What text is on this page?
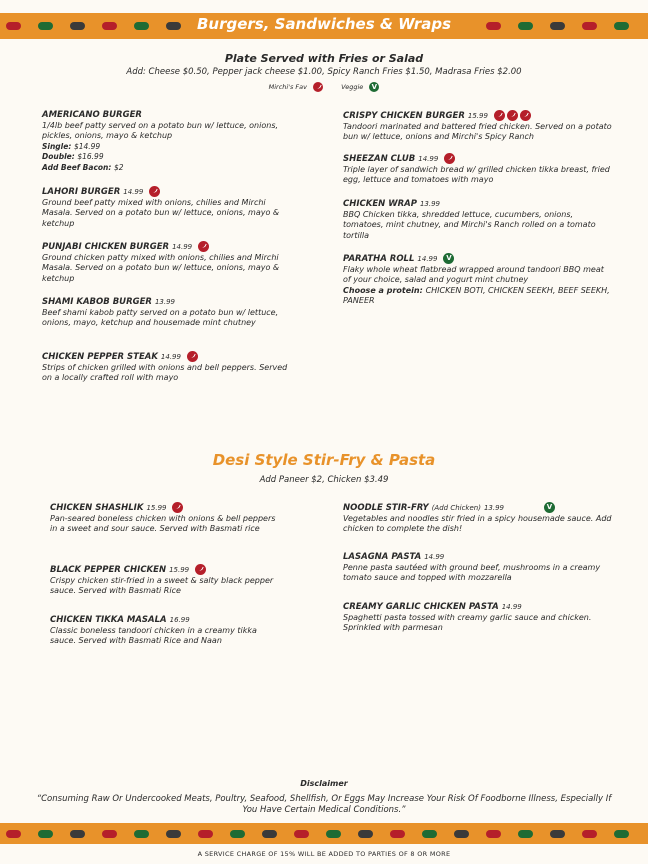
Burgers, Sandwiches & Wraps
Plate Served with Fries or Salad
Add: Cheese $0.50, Pepper jack cheese $1.00, Spicy Ranch Fries $1.50, Madrasa Fries $2.00
Mirchi's Fav	Veggie V
AMERICANO BURGER
1/4lb beef patty served on a potato bun w/ lettuce, onions, pickles, onions, mayo & ketchup
Single: $14.99
Double: $16.99
Add Beef Bacon: $2
LAHORI BURGER 14.99
Ground beef patty mixed with onions, chilies and Mirchi Masala. Served on a potato bun w/ lettuce, onions, mayo & ketchup
PUNJABI CHICKEN BURGER 14.99
Ground chicken patty mixed with onions, chilies and Mirchi Masala. Served on a potato bun w/ lettuce, onions, mayo & ketchup
SHAMI KABOB BURGER 13.99
Beef shami kabob patty served on a potato bun w/ lettuce, onions, mayo, ketchup and housemade mint chutney
CHICKEN PEPPER STEAK 14.99
Strips of chicken grilled with onions and bell peppers. Served on a locally crafted roll with mayo
CRISPY CHICKEN BURGER 15.99
Tandoori marinated and battered fried chicken. Served on a potato bun w/ lettuce, onions and Mirchi's Spicy Ranch
SHEEZAN CLUB 14.99
Triple layer of sandwich bread w/ grilled chicken tikka breast, fried egg, lettuce and tomatoes with mayo
CHICKEN WRAP 13.99
BBQ Chicken tikka, shredded lettuce, cucumbers, onions, tomatoes, mint chutney, and Mirchi's Ranch rolled on a tomato tortilla
PARATHA ROLL 14.99 V
Flaky whole wheat flatbread wrapped around tandoori BBQ meat of your choice, salad and yogurt mint chutney
Choose a protein: CHICKEN BOTI, CHICKEN SEEKH, BEEF SEEKH, PANEER
CHICKEN SHASHLIK 15.99
Pan-seared boneless chicken with onions & bell peppers in a sweet and sour sauce. Served with Basmati rice
BLACK PEPPER CHICKEN 15.99
Crispy chicken stir-fried in a sweet & salty black pepper sauce. Served with Basmati Rice
CHICKEN TIKKA MASALA 16.99
Classic boneless tandoori chicken in a creamy tikka sauce. Served with Basmati Rice and Naan
NOODLE STIR-FRY (Add Chicken) 13.99	V
Vegetables and noodles stir fried in a spicy housemade sauce. Add chicken to complete the dish!
LASAGNA PASTA 14.99
Penne pasta sautéed with ground beef, mushrooms in a creamy tomato sauce and topped with mozzarella
CREAMY GARLIC CHICKEN PASTA 14.99
Spaghetti pasta tossed with creamy garlic sauce and chicken. Sprinkled with parmesan
Desi Style Stir-Fry & Pasta
Add Paneer $2, Chicken $3.49
Disclaimer
“Consuming Raw Or Undercooked Meats, Poultry, Seafood, Shellfish, Or Eggs May Increase Your Risk Of Foodborne Illness, Especially If You Have Certain Medical Conditions.”
A SERVICE CHARGE OF 15% WILL BE ADDED TO PARTIES OF 8 OR MORE
